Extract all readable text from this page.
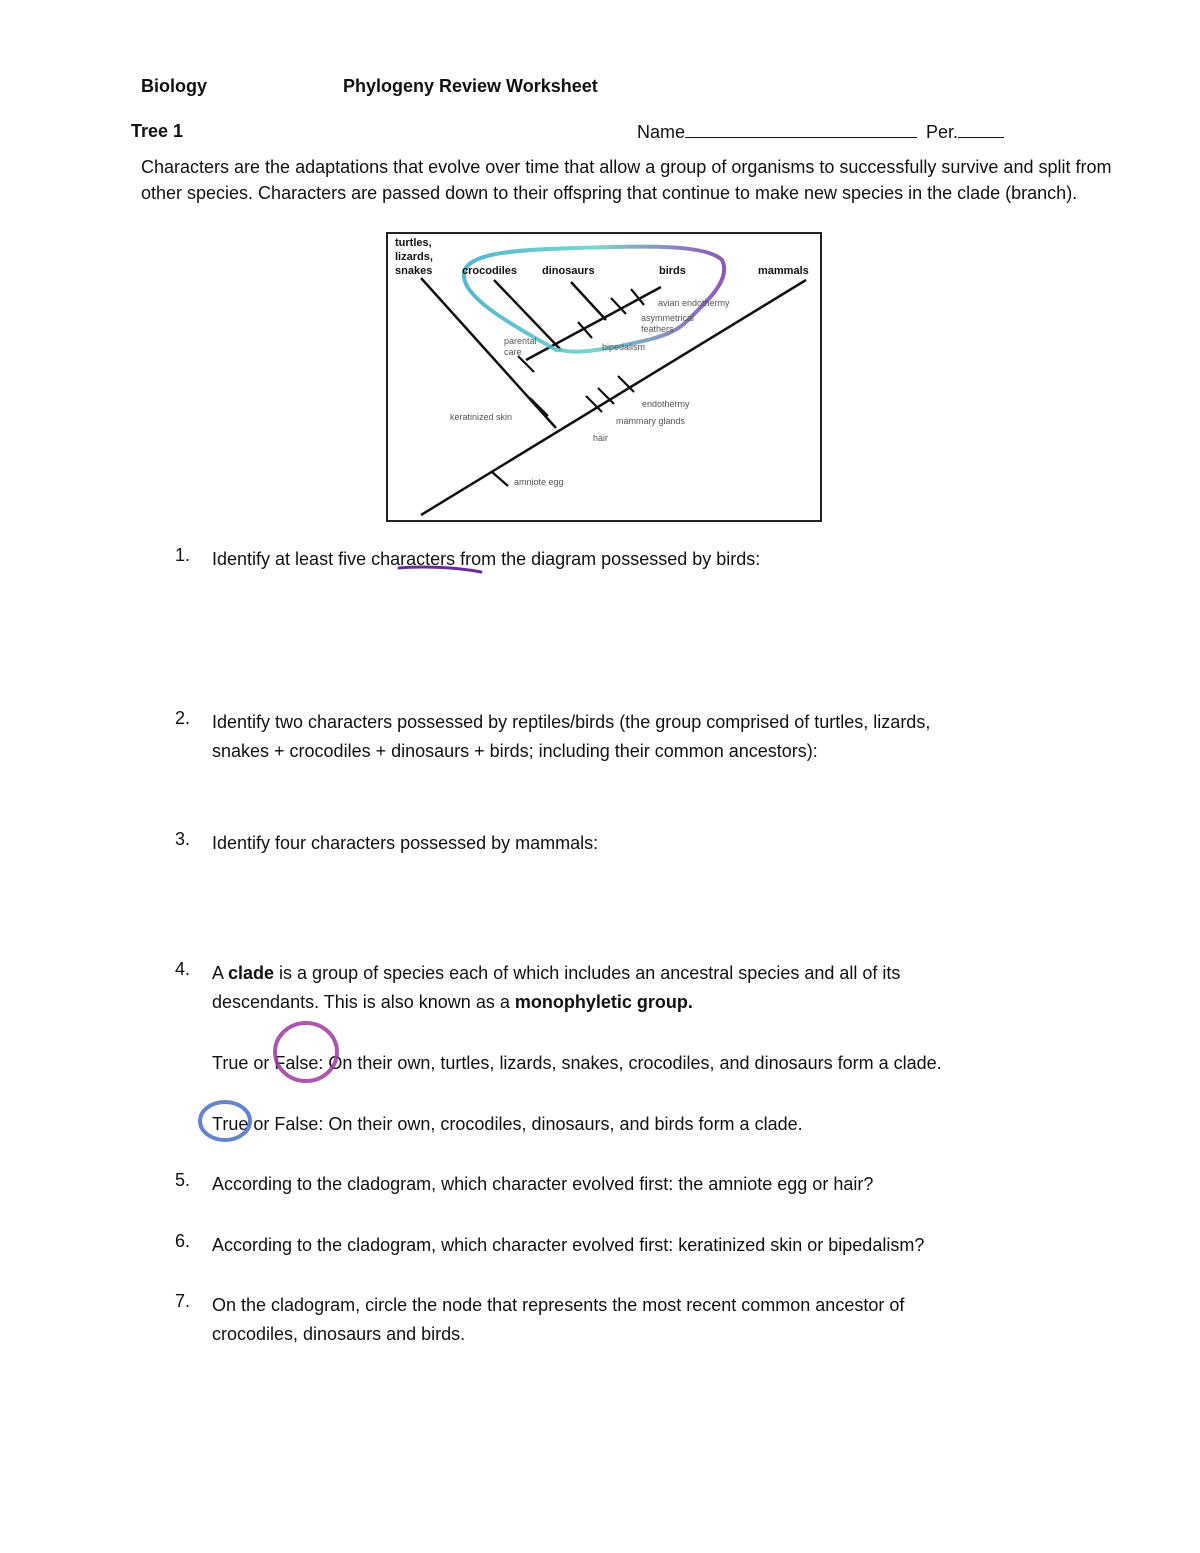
Biology	Phylogeny Review Worksheet
Tree 1	Name	Per.
Characters are the adaptations that evolve over time that allow a group of organisms to successfully survive and split from other species. Characters are passed down to their offspring that continue to make new species in the clade (branch).
turtles,
lizards,
snakes	crocodiles dinosaurs	birds	mammals
avian endothermy
asymmetrical
feathers
parental
care	bipedalism
keratinized skin
endothermy
mammary glands
hair
amniote egg
1. Identify at least five characters from the diagram possessed by birds:
2. Identify two characters possessed by reptiles/birds (the group comprised of turtles, lizards,
snakes + crocodiles + dinosaurs + birds; including their common ancestors):
3. Identify four characters possessed by mammals:
4. A clade is a group of species each of which includes an ancestral species and all of its
descendants. This is also known as a monophyletic group.
True or False: On their own, turtles, lizards, snakes, crocodiles, and dinosaurs form a clade.
True or False: On their own, crocodiles, dinosaurs, and birds form a clade.
5. According to the cladogram, which character evolved first: the amniote egg or hair?
6. According to the cladogram, which character evolved first: keratinized skin or bipedalism?
7. On the cladogram, circle the node that represents the most recent common ancestor of
crocodiles, dinosaurs and birds.
